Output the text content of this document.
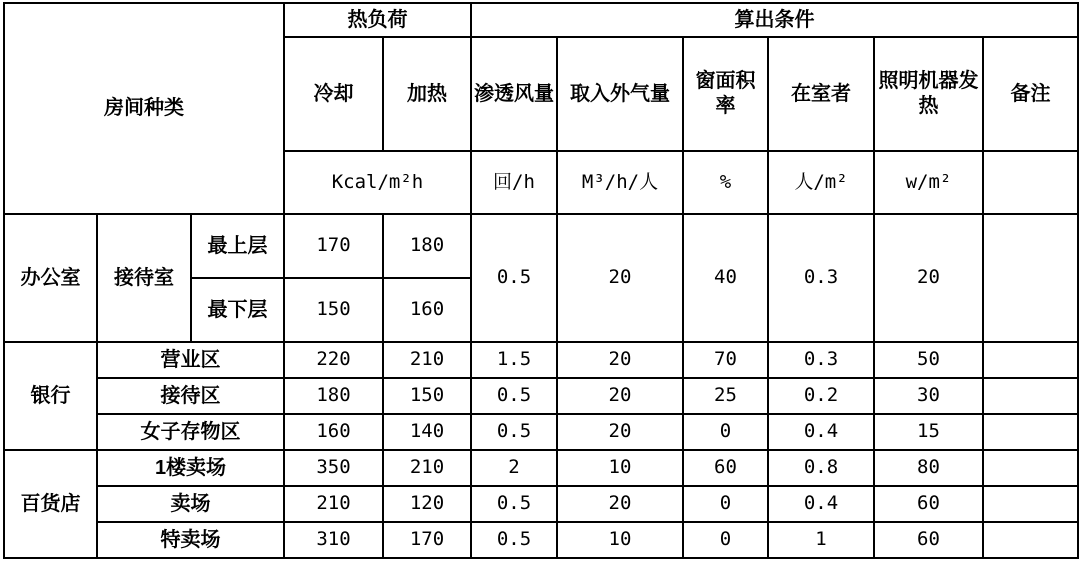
房间种类			热负荷		算出条件					
			冷却	加热	渗透风量	取入外气量	窗面积率	在室者	照明机器发热	备注
			Kcal/m²h		回/h	M³/h/人	%	人/m²	w/m²	
办公室	接待室	最上层	170	180	0.5	20	40	0.3	20	
		最下层	150	160						
银行	营业区		220	210	1.5	20	70	0.3	50	
	接待区		180	150	0.5	20	25	0.2	30	
	女子存物区		160	140	0.5	20	0	0.4	15	
百货店	1楼卖场		350	210	2	10	60	0.8	80	
	卖场		210	120	0.5	20	0	0.4	60	
	特卖场		310	170	0.5	10	0	1	60	
